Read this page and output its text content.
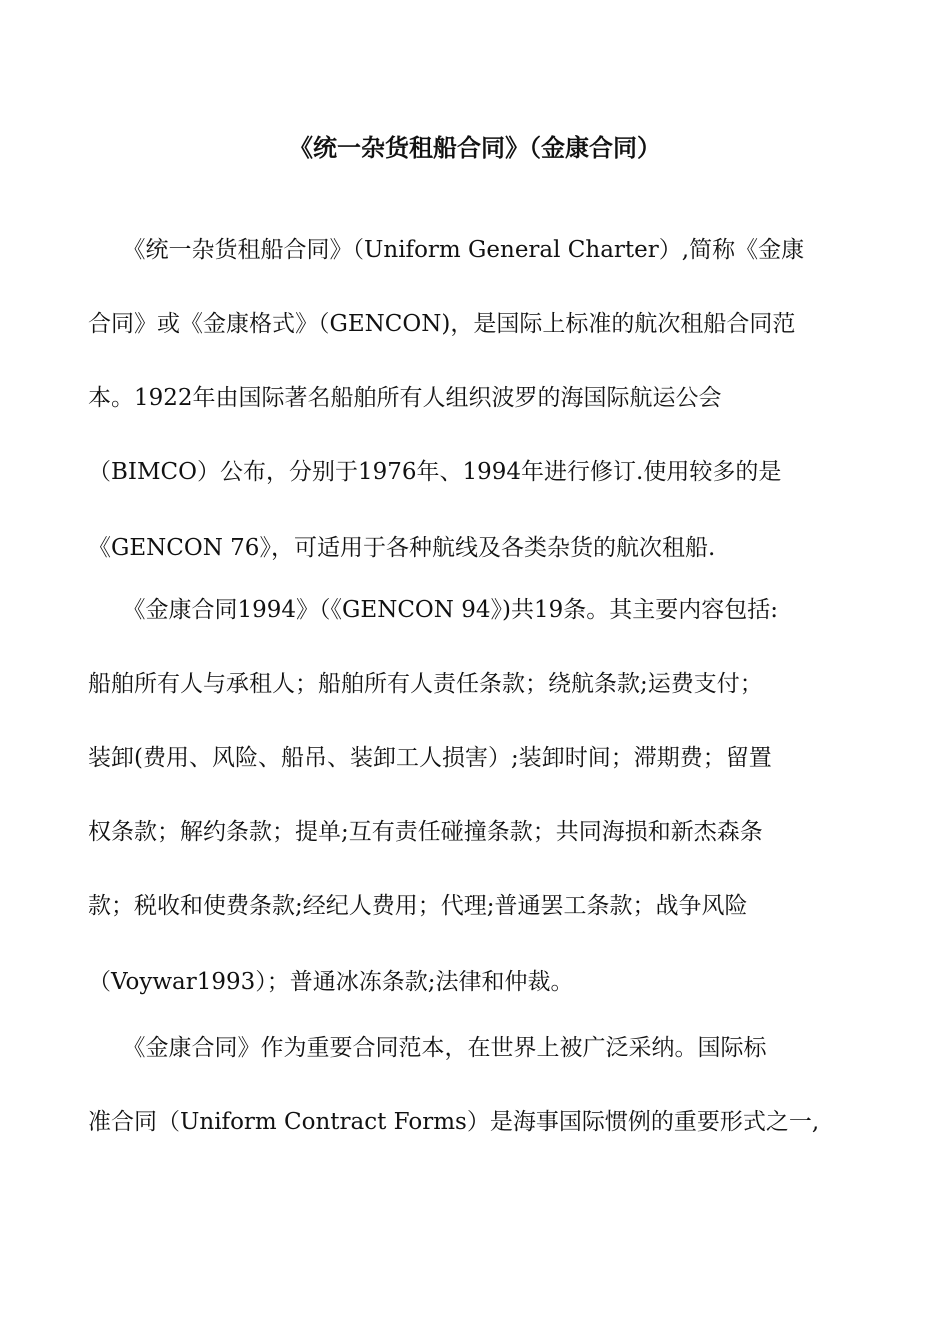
《统一杂货租船合同》（金康合同）
　　《统一杂货租船合同》（Uniform General Charter）,简称《金康
合同》或《金康格式》（GENCON)，是国际上标准的航次租船合同范
本。1922年由国际著名船舶所有人组织波罗的海国际航运公会
（BIMCO）公布，分别于1976年、1994年进行修订.使用较多的是
《GENCON 76》，可适用于各种航线及各类杂货的航次租船.
　　《金康合同1994》（《GENCON 94》)共19条。其主要内容包括:
船舶所有人与承租人；船舶所有人责任条款；绕航条款;运费支付；
装卸(费用、风险、船吊、装卸工人损害）;装卸时间；滞期费；留置
权条款；解约条款；提单;互有责任碰撞条款；共同海损和新杰森条
款；税收和使费条款;经纪人费用；代理;普通罢工条款；战争风险
（Voywar1993）；普通冰冻条款;法律和仲裁。
　　《金康合同》作为重要合同范本，在世界上被广泛采纳。国际标
准合同（Uniform Contract Forms）是海事国际惯例的重要形式之一,
